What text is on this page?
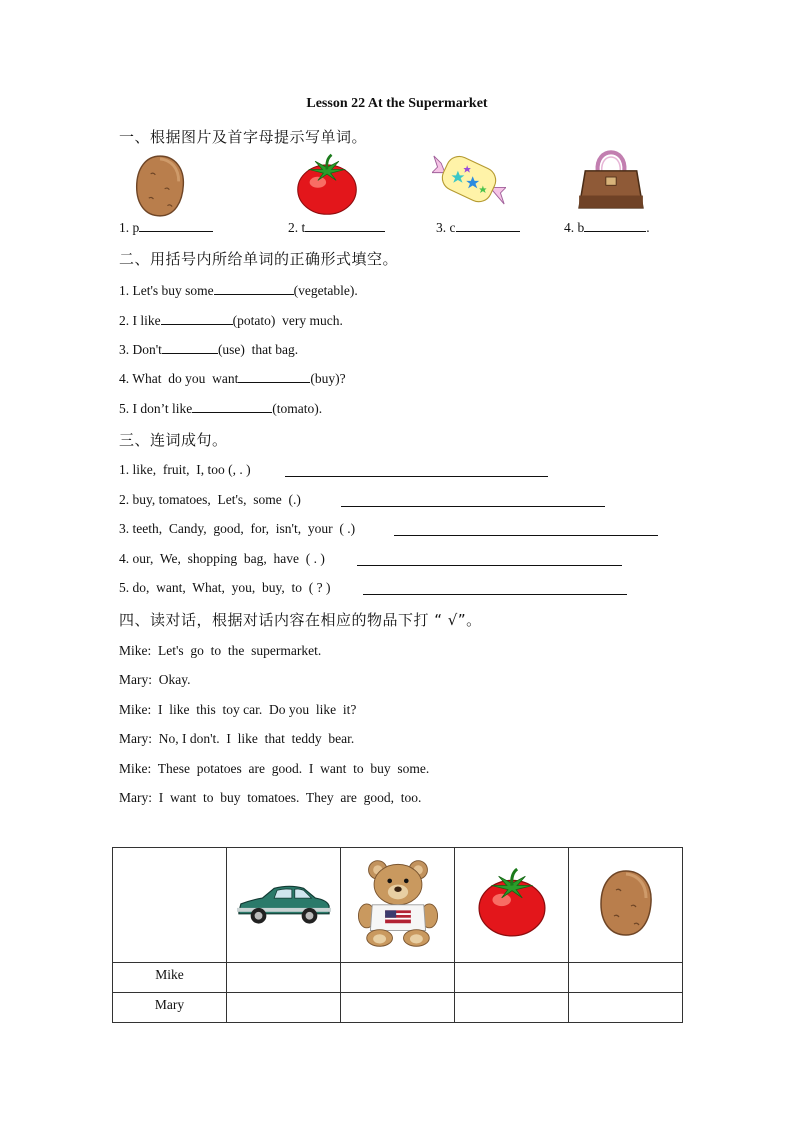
Lesson 22 At the Supermarket
一、根据图片及首字母提示写单词。
1. p	2. t	3. c	4. b	.
二、用括号内所给单词的正确形式填空。
1. Let's buy some	(vegetable).
2. I like	(potato)  very much.
3. Don't	(use)  that bag.
4. What  do you  want	(buy)?
5. I don’t like	(tomato).
三、连词成句。
1. like,  fruit,  I, too (, . )
2. buy, tomatoes,  Let's,  some  (.)
3. teeth,  Candy,  good,  for,  isn't,  your  ( .)
4. our,  We,  shopping  bag,  have  ( . )
5. do,  want,  What,  you,  buy,  to  ( ? )
四、读对话，根据对话内容在相应的物品下打 “ √”。
Mike:  Let's  go  to  the  supermarket.
Mary:  Okay.
Mike:  I  like  this  toy car.  Do you  like  it?
Mary:  No, I don't.  I  like  that  teddy  bear.
Mike:  These  potatoes  are  good.  I  want  to  buy  some.
Mary:  I  want  to  buy  tomatoes.  They  are  good,  too.

Mike				
Mary				
